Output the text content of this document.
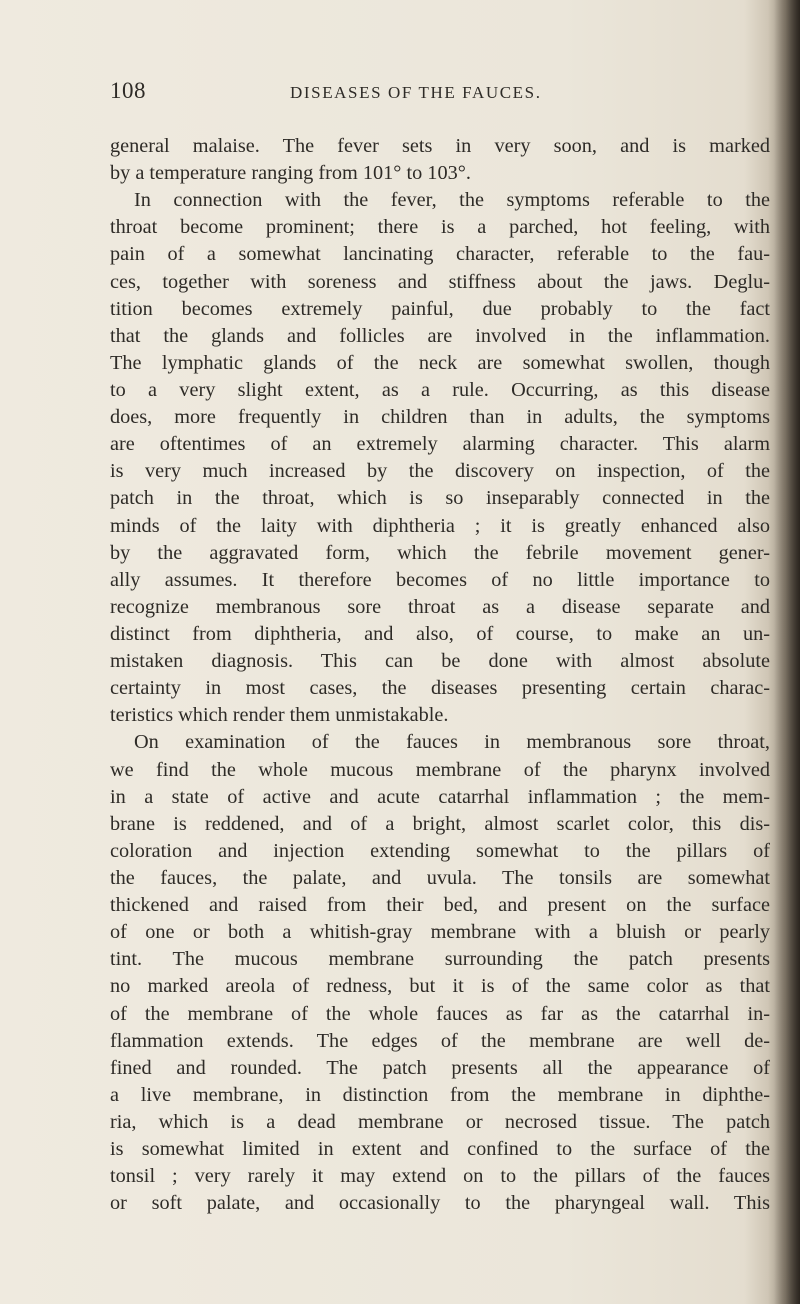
108	DISEASES OF THE FAUCES.
general malaise. The fever sets in very soon, and is marked
by a temperature ranging from 101° to 103°.
In connection with the fever, the symptoms referable to the
throat become prominent; there is a parched, hot feeling, with
pain of a somewhat lancinating character, referable to the fau-
ces, together with soreness and stiffness about the jaws. Deglu-
tition becomes extremely painful, due probably to the fact
that the glands and follicles are involved in the inflammation.
The lymphatic glands of the neck are somewhat swollen, though
to a very slight extent, as a rule. Occurring, as this disease
does, more frequently in children than in adults, the symptoms
are oftentimes of an extremely alarming character. This alarm
is very much increased by the discovery on inspection, of the
patch in the throat, which is so inseparably connected in the
minds of the laity with diphtheria ; it is greatly enhanced also
by the aggravated form, which the febrile movement gener-
ally assumes. It therefore becomes of no little importance to
recognize membranous sore throat as a disease separate and
distinct from diphtheria, and also, of course, to make an un-
mistaken diagnosis. This can be done with almost absolute
certainty in most cases, the diseases presenting certain charac-
teristics which render them unmistakable.
On examination of the fauces in membranous sore throat,
we find the whole mucous membrane of the pharynx involved
in a state of active and acute catarrhal inflammation ; the mem-
brane is reddened, and of a bright, almost scarlet color, this dis-
coloration and injection extending somewhat to the pillars of
the fauces, the palate, and uvula. The tonsils are somewhat
thickened and raised from their bed, and present on the surface
of one or both a whitish-gray membrane with a bluish or pearly
tint. The mucous membrane surrounding the patch presents
no marked areola of redness, but it is of the same color as that
of the membrane of the whole fauces as far as the catarrhal in-
flammation extends. The edges of the membrane are well de-
fined and rounded. The patch presents all the appearance of
a live membrane, in distinction from the membrane in diphthe-
ria, which is a dead membrane or necrosed tissue. The patch
is somewhat limited in extent and confined to the surface of the
tonsil ; very rarely it may extend on to the pillars of the fauces
or soft palate, and occasionally to the pharyngeal wall. This
